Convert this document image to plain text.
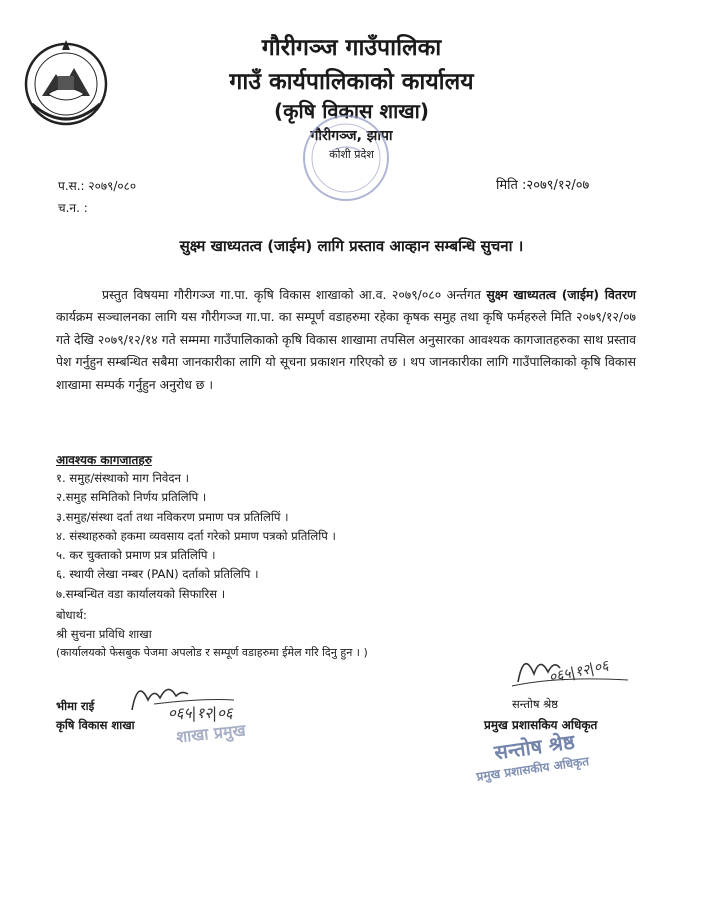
गौरीगञ्ज गाउँपालिका
गाउँ कार्यपालिकाको कार्यालय
(कृषि विकास शाखा)
गौरीगञ्ज, झापा
कोशी प्रदेश
प.स.: २०७९/०८०
च.न. :
मिति :२०७९/१२/०७
सुक्ष्म खाध्यतत्व (जाईम) लागि प्रस्ताव आव्हान सम्बन्धि सुचना ।
प्रस्तुत विषयमा गौरीगञ्ज गा.पा. कृषि विकास शाखाको आ.व. २०७९/०८० अर्न्तगत सुक्ष्म खाध्यतत्व (जाईम) वितरण कार्यक्रम सञ्चालनका लागि यस गौरीगञ्ज गा.पा. का सम्पूर्ण वडाहरुमा रहेका कृषक समुह तथा कृषि फर्महरुले मिति २०७९/१२/०७ गते देखि २०७९/१२/१४ गते सम्ममा गाउँपालिकाको कृषि विकास शाखामा तपसिल अनुसारका आवश्यक कागजातहरुका साथ प्रस्ताव पेश गर्नुहुन सम्बन्धित सबैमा जानकारीका लागि यो सूचना प्रकाशन गरिएको छ । थप जानकारीका लागि गाउँपालिकाको कृषि विकास शाखामा सम्पर्क गर्नुहुन अनुरोध छ ।
आवश्यक कागजातहरु
१. समुह/संस्थाको माग निवेदन ।
२.समुह समितिको निर्णय प्रतिलिपि ।
३.समुह/संस्था दर्ता तथा नविकरण प्रमाण पत्र प्रतिलिपिं ।
४. संस्थाहरुको हकमा व्यवसाय दर्ता गरेको प्रमाण पत्रको प्रतिलिपि ।
५. कर चुक्ताको प्रमाण प्रत्र प्रतिलिपि ।
६. स्थायी लेखा नम्बर (PAN) दर्ताको प्रतिलिपि ।
७.सम्बन्धित वडा कार्यालयको सिफारिस ।
बोधार्थ:
श्री सुचना प्रविधि शाखा
(कार्यालयको फेसबुक पेजमा अपलोड र सम्पूर्ण वडाहरुमा ईमेल गरि दिनु हुन । )
०६५|१२|०६
भीमा राई
कृषि विकास शाखा	शाखा प्रमुख
०६५|१२|०६
सन्तोष श्रेष्ठ
प्रमुख प्रशासकिय अधिकृत
सन्तोष श्रेष्ठ
प्रमुख प्रशासकीय अधिकृत
